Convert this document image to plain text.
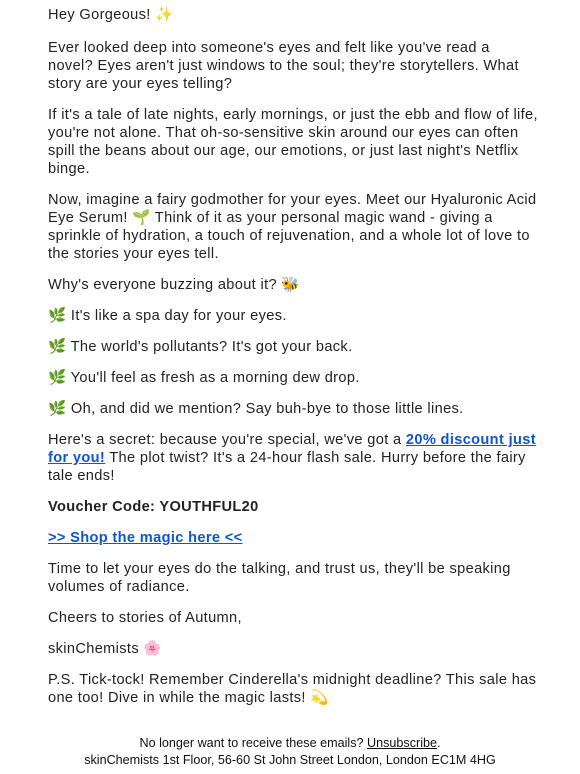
Hey Gorgeous! ✨

Ever looked deep into someone's eyes and felt like you've read a novel? Eyes aren't just windows to the soul; they're storytellers. What story are your eyes telling?

If it's a tale of late nights, early mornings, or just the ebb and flow of life, you're not alone. That oh-so-sensitive skin around our eyes can often spill the beans about our age, our emotions, or just last night's Netflix binge.

Now, imagine a fairy godmother for your eyes. Meet our Hyaluronic Acid Eye Serum! 🌱 Think of it as your personal magic wand - giving a sprinkle of hydration, a touch of rejuvenation, and a whole lot of love to the stories your eyes tell.

Why's everyone buzzing about it? 🐝

🌿 It's like a spa day for your eyes.

🌿 The world's pollutants? It's got your back.

🌿 You'll feel as fresh as a morning dew drop.

🌿 Oh, and did we mention? Say buh-bye to those little lines.

Here's a secret: because you're special, we've got a 20% discount just for you! The plot twist? It's a 24-hour flash sale. Hurry before the fairy tale ends!

Voucher Code: YOUTHFUL20

>> Shop the magic here <<

Time to let your eyes do the talking, and trust us, they'll be speaking volumes of radiance.

Cheers to stories of Autumn,

skinChemists 🌸

P.S. Tick-tock! Remember Cinderella's midnight deadline? This sale has one too! Dive in while the magic lasts! 💫

No longer want to receive these emails? Unsubscribe.
skinChemists 1st Floor, 56-60 St John Street London, London EC1M 4HG
